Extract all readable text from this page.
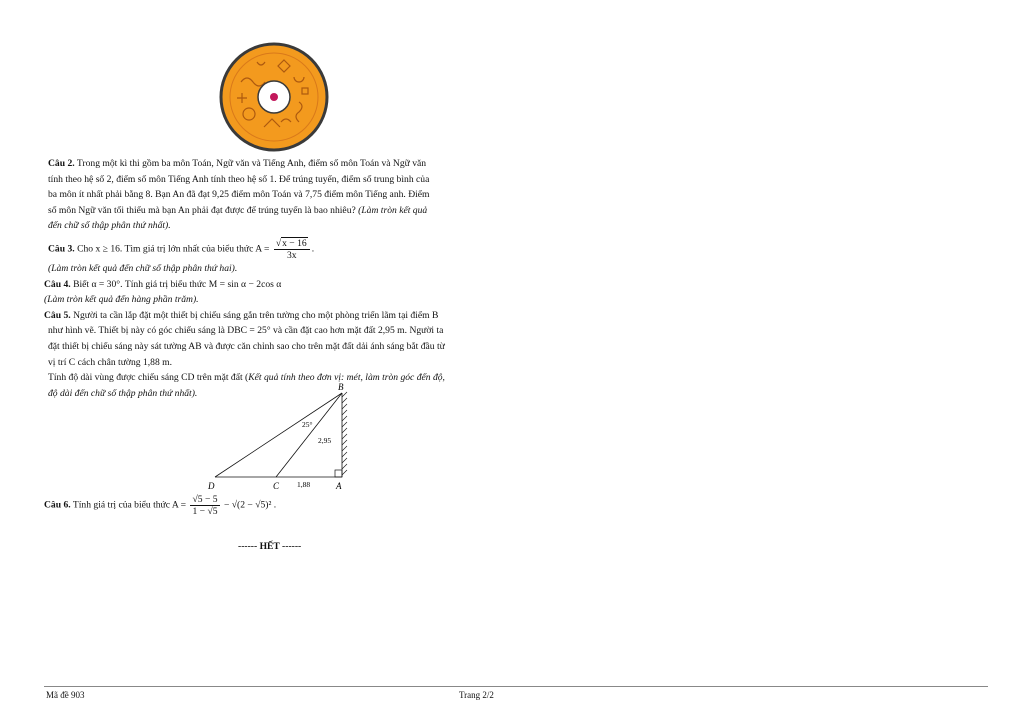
Câu 2. Trong một kì thi gồm ba môn Toán, Ngữ văn và Tiếng Anh, điểm số môn Toán và Ngữ văn

tính theo hệ số 2, điểm số môn Tiếng Anh tính theo hệ số 1. Để trúng tuyển, điểm số trung bình của

ba môn ít nhất phải bằng 8. Bạn An đã đạt 9,25 điểm môn Toán và 7,75 điểm môn Tiếng anh. Điểm

số môn Ngữ văn tối thiểu mà bạn An phải đạt được để trúng tuyển là bao nhiêu? (Làm tròn kết quả

đến chữ số thập phân thứ nhất).

Câu 3. Cho x ≥ 16. Tìm giá trị lớn nhất của biểu thức $A = \frac{√x - 16}{3x}$ .

(Làm tròn kết quả đến chữ số thập phân thứ hai).

Câu 4. Biết α = 30°. Tính giá trị biểu thức M = sin α − 2cos α

(Làm tròn kết quả đến hàng phần trăm).

Câu 5. Người ta cần lắp đặt một thiết bị chiếu sáng gắn trên tường cho một phòng triển lãm tại điểm B

như hình vẽ. Thiết bị này có góc chiếu sáng là DBC = 25° và cần đặt cao hơn mặt đất 2,95 m. Người ta

đặt thiết bị chiếu sáng này sát tường AB và được căn chỉnh sao cho trên mặt đất dải ánh sáng bắt đầu từ

vị trí C cách chân tường 1,88 m.

Tính độ dài vùng được chiếu sáng CD trên mặt đất (Kết quả tính theo đơn vị: mét, làm tròn góc đến độ,

độ dài đến chữ số thập phân thứ nhất).

B
D	C	A
25°
2,95
1,88
Câu 6. Tính giá trị của biểu thức $A = \frac{√5 - 5}{1 - √5} - √(2 - √5)^2$ .
------ HẾT ------
Mã đề 903	Trang 2/2
